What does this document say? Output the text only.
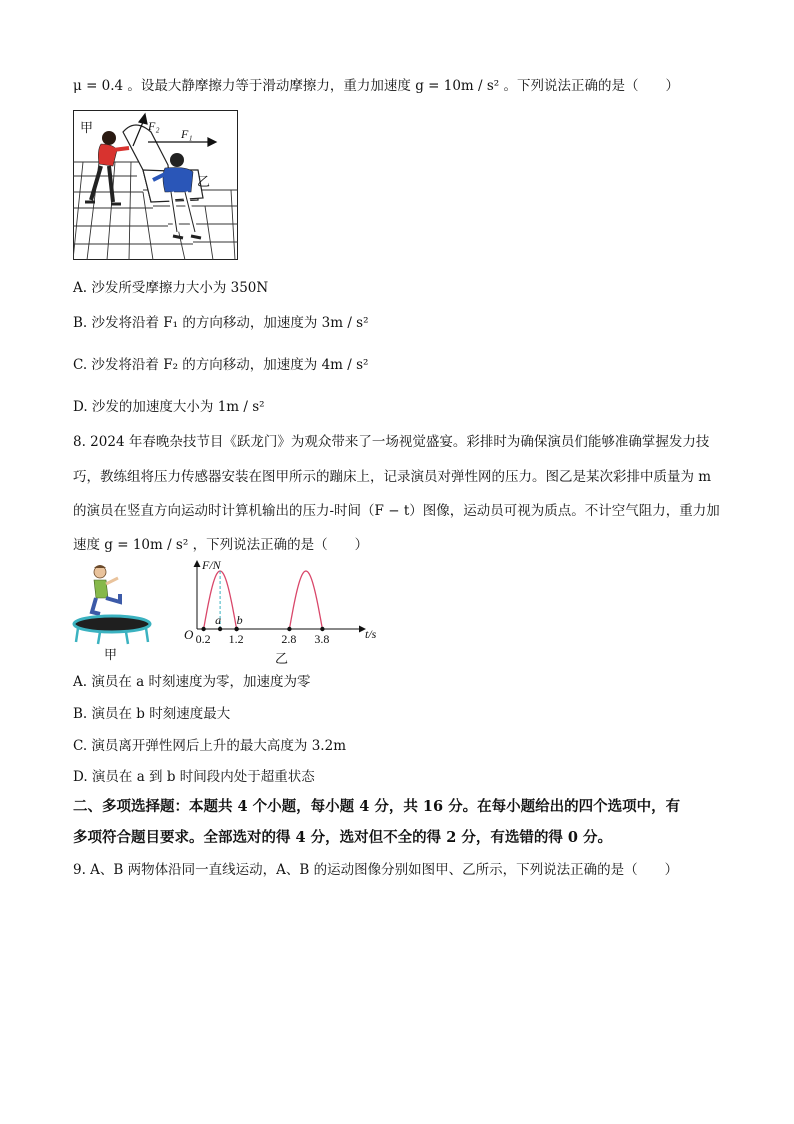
μ = 0.4 。设最大静摩擦力等于滑动摩擦力，重力加速度 g = 10m / s² 。下列说法正确的是（　　）
甲
乙
F₂
F₁
A. 沙发所受摩擦力大小为 350N
B. 沙发将沿着 F₁ 的方向移动，加速度为 3m / s²
C. 沙发将沿着 F₂ 的方向移动，加速度为 4m / s²
D. 沙发的加速度大小为 1m / s²
8. 2024 年春晚杂技节目《跃龙门》为观众带来了一场视觉盛宴。彩排时为确保演员们能够准确掌握发力技
巧，教练组将压力传感器安装在图甲所示的蹦床上，记录演员对弹性网的压力。图乙是某次彩排中质量为 m
的演员在竖直方向运动时计算机输出的压力-时间（F − t）图像，运动员可视为质点。不计空气阻力，重力加
速度 g = 10m / s² ，下列说法正确的是（　　）
甲
F/N
t/s
O 0.2 1.2	2.8 3.8
a b
乙
A. 演员在 a 时刻速度为零，加速度为零
B. 演员在 b 时刻速度最大
C. 演员离开弹性网后上升的最大高度为 3.2m
D. 演员在 a 到 b 时间段内处于超重状态
二、多项选择题：本题共 4 个小题，每小题 4 分，共 16 分。在每小题给出的四个选项中，有
多项符合题目要求。全部选对的得 4 分，选对但不全的得 2 分，有选错的得 0 分。
9. A、B 两物体沿同一直线运动，A、B 的运动图像分别如图甲、乙所示，下列说法正确的是（　　）
